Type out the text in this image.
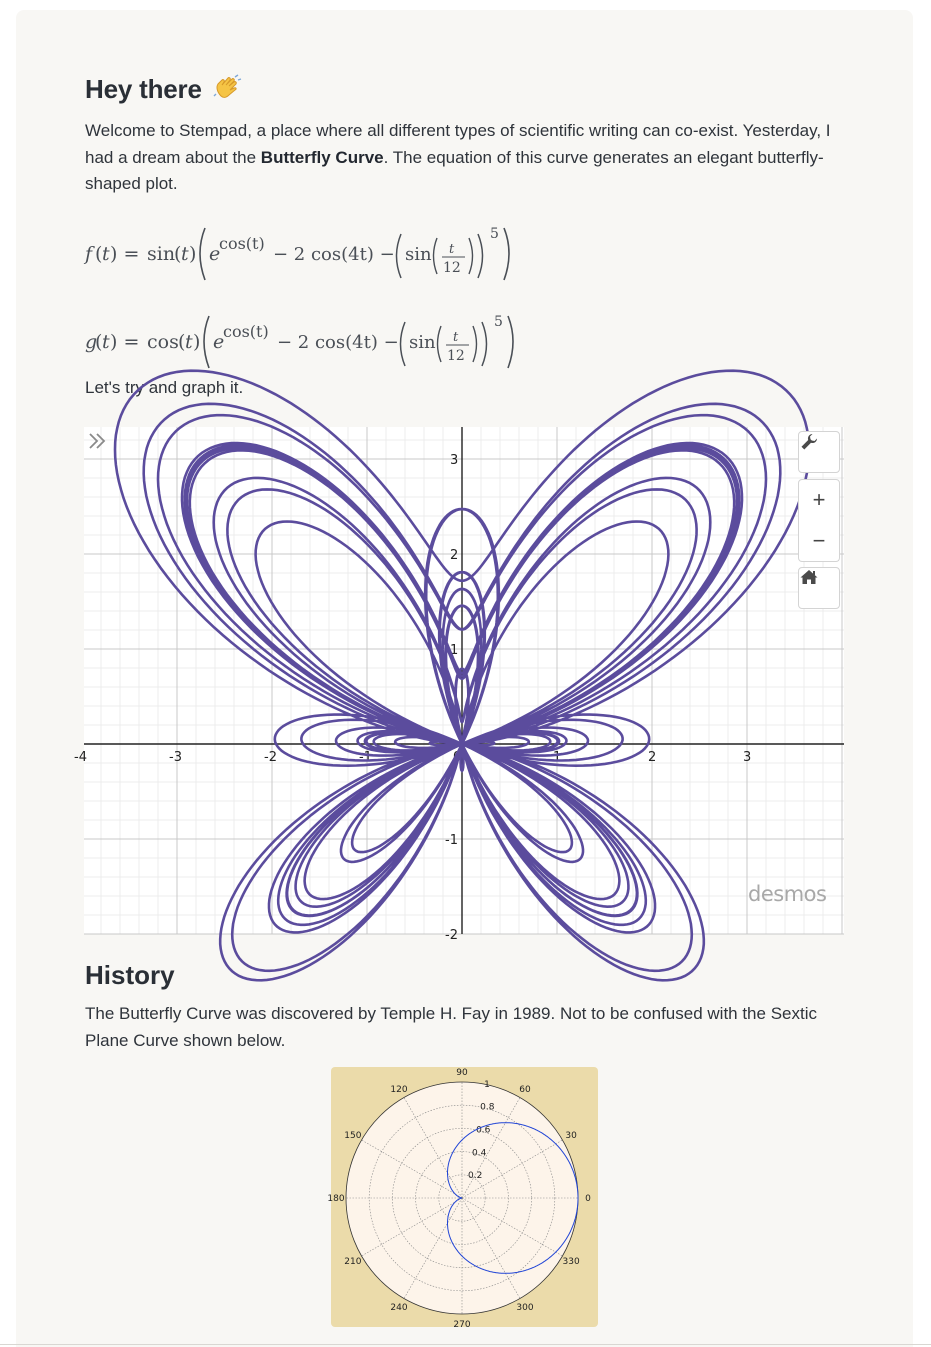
Hey there

Welcome to Stempad, a place where all different types of scientific writing can co-exist. Yesterday, I had a dream about the Butterfly Curve. The equation of this curve generates an elegant butterfly-shaped plot.

f ( t ) = sin
( t ) e
cos(t)
− 2 cos(4t) − sin t
12
5
g
( t ) = cos ( t ) e
cos(t)
− 2 cos(4t) − sin t
12
5

Let's try and graph it.

History

The Butterfly Curve was discovered by Temple H. Fay in 1989. Not to be confused with the Sextic Plane Curve shown below.

-4	-3	-2	-1	0	1	2	3
3
2
1
-1
-2
+
−
desmos
90
60
30
0
330
300
270
240
210
180
150
120
0.2
0.4
0.6
0.8
1
